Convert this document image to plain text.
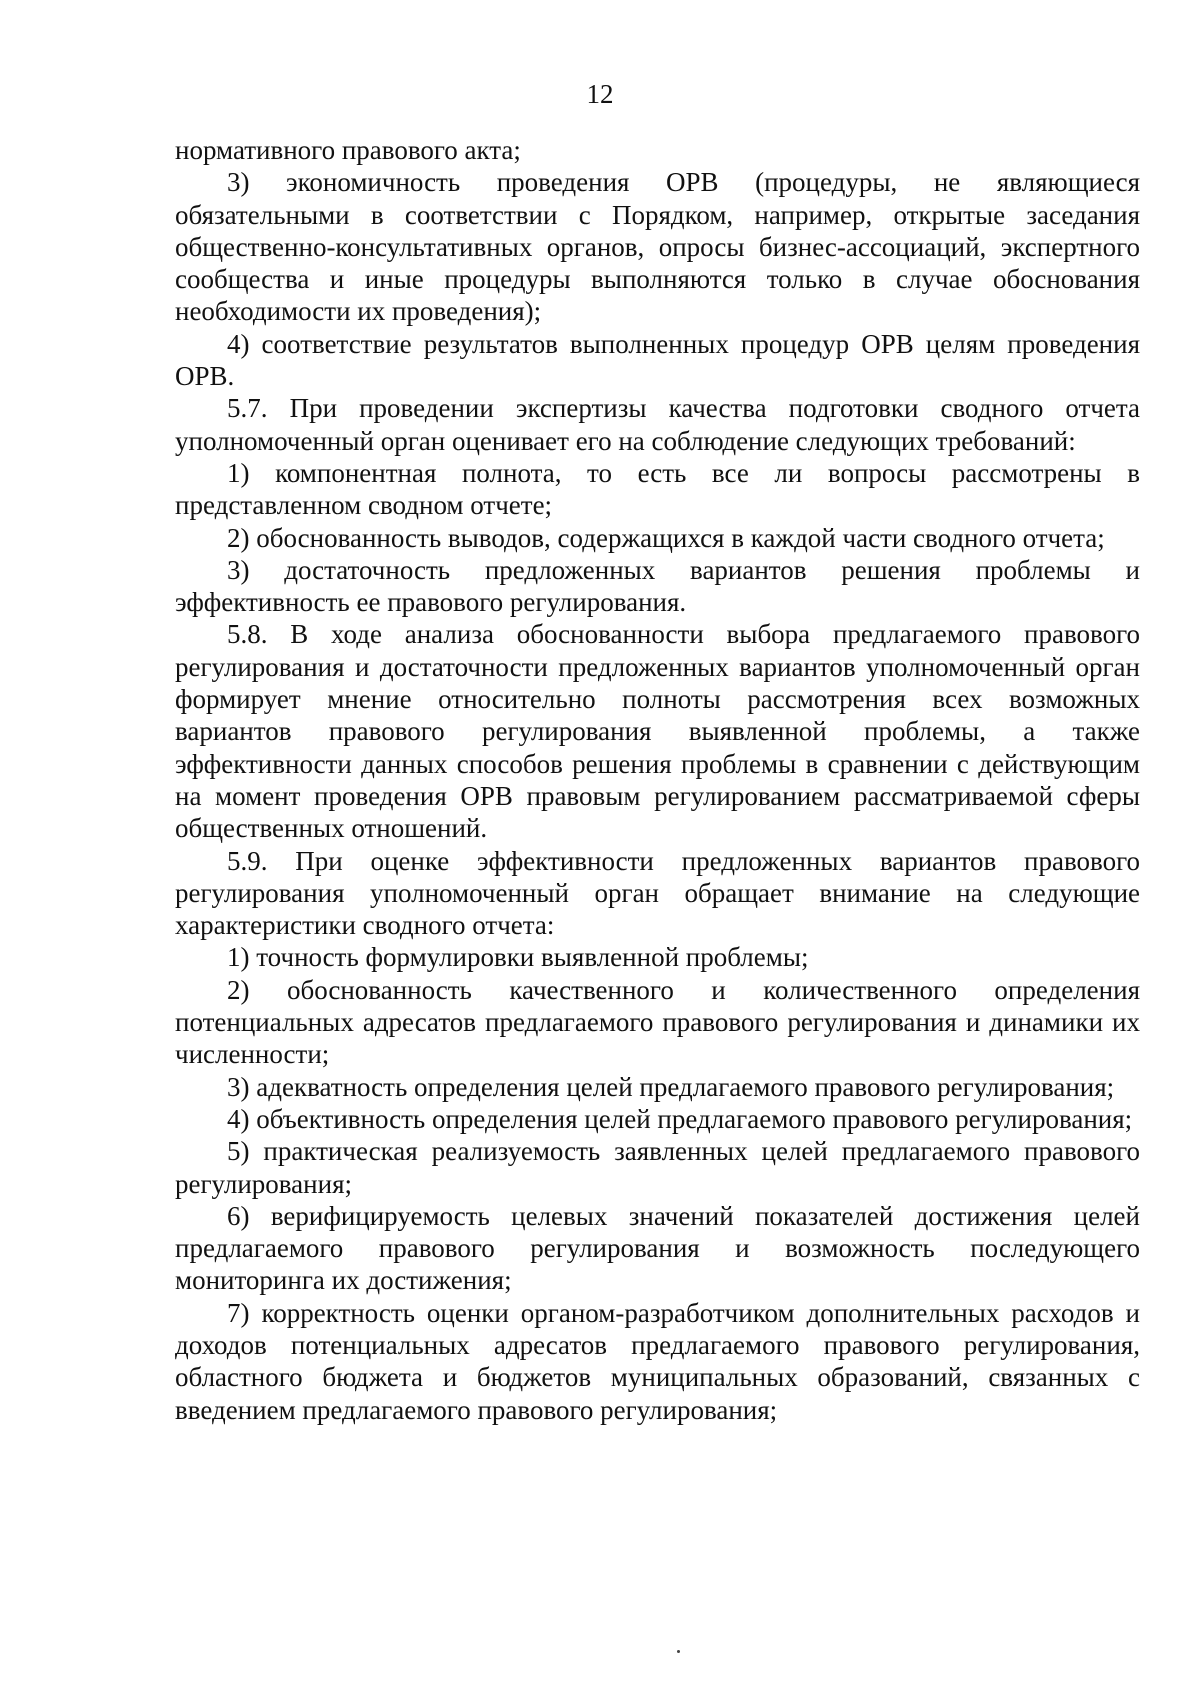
12

нормативного правового акта;

3) экономичность проведения ОРВ (процедуры, не являющиеся обязательными в соответствии с Порядком, например, открытые заседания общественно-консультативных органов, опросы бизнес-ассоциаций, экспертного сообщества и иные процедуры выполняются только в случае обоснования необходимости их проведения);

4) соответствие результатов выполненных процедур ОРВ целям проведения ОРВ.

5.7. При проведении экспертизы качества подготовки сводного отчета уполномоченный орган оценивает его на соблюдение следующих требований:

1) компонентная полнота, то есть все ли вопросы рассмотрены в представленном сводном отчете;

2) обоснованность выводов, содержащихся в каждой части сводного отчета;

3) достаточность предложенных вариантов решения проблемы и эффективность ее правового регулирования.

5.8. В ходе анализа обоснованности выбора предлагаемого правового регулирования и достаточности предложенных вариантов уполномоченный орган формирует мнение относительно полноты рассмотрения всех возможных вариантов правового регулирования выявленной проблемы, а также эффективности данных способов решения проблемы в сравнении с действующим на момент проведения ОРВ правовым регулированием рассматриваемой сферы общественных отношений.

5.9. При оценке эффективности предложенных вариантов правового регулирования уполномоченный орган обращает внимание на следующие характеристики сводного отчета:

1) точность формулировки выявленной проблемы;

2) обоснованность качественного и количественного определения потенциальных адресатов предлагаемого правового регулирования и динамики их численности;

3) адекватность определения целей предлагаемого правового регулирования;

4) объективность определения целей предлагаемого правового регулирования;

5) практическая реализуемость заявленных целей предлагаемого правового регулирования;

6) верифицируемость целевых значений показателей достижения целей предлагаемого правового регулирования и возможность последующего мониторинга их достижения;

7) корректность оценки органом-разработчиком дополнительных расходов и доходов потенциальных адресатов предлагаемого правового регулирования, областного бюджета и бюджетов муниципальных образований, связанных с введением предлагаемого правового регулирования;
